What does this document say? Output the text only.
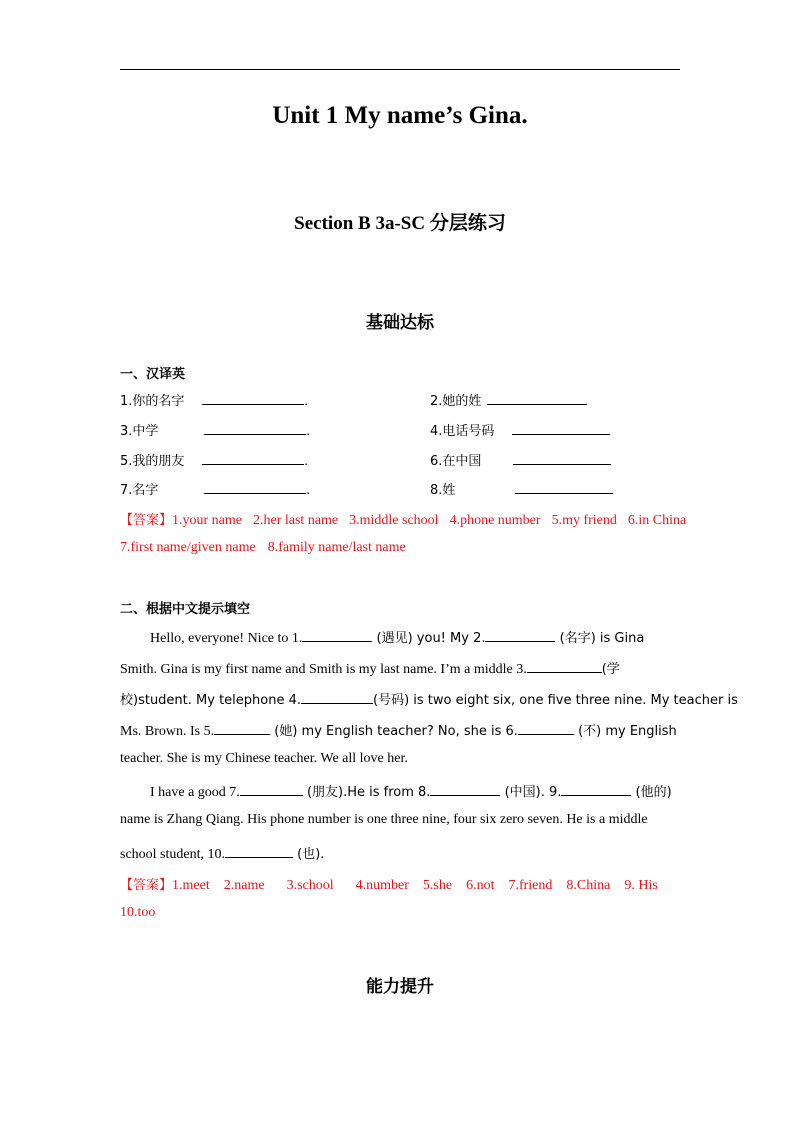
Unit 1 My name’s Gina.
Section B 3a-SC 分层练习
基础达标
一、汉译英
1.你的名字	.	2.她的姓
3.中学	.	4.电话号码
5.我的朋友	.	6.在中国
7.名字	.	8.姓
【答案】1.your name 2.her last name 3.middle school 4.phone number 5.my friend 6.in China
7.first name/given name 8.family name/last name
二、根据中文提示填空
Hello, everyone! Nice to 1.	(遇见) you! My 2.	(名字) is Gina
Smith. Gina is my first name and Smith is my last name. I’m a middle 3.	(学
校)student. My telephone 4.	(号码) is two eight six, one five three nine. My teacher is
Ms. Brown. Is 5.	(她) my English teacher? No, she is 6.	(不) my English
teacher. She is my Chinese teacher. We all love her.
I have a good 7.	(朋友).He is from 8.	(中国). 9.	(他的)
name is Zhang Qiang. His phone number is one three nine, four six zero seven. He is a middle
school student, 10.	(也).
【答案】1.meet 2.name 3.school 4.number 5.she 6.not 7.friend 8.China 9. His
10.too
能力提升
